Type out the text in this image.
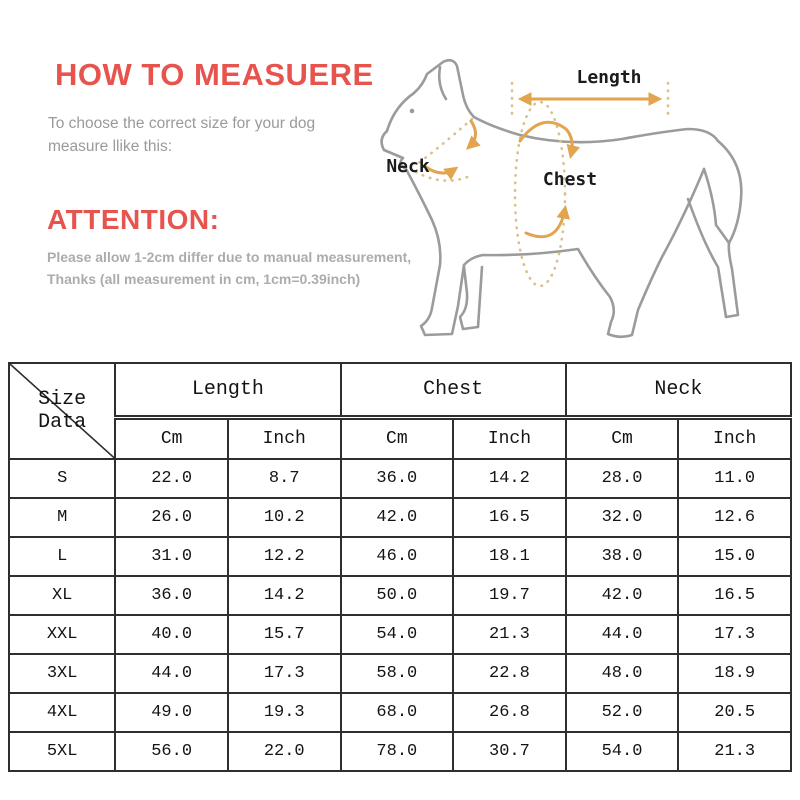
HOW TO MEASUERE
To choose the correct size for your dog
measure llike this:
ATTENTION:
Please allow 1-2cm differ due to manual measurement,
Thanks (all measurement in cm, 1cm=0.39inch)
Length
Neck
Chest
Size Data	Length		Chest		Neck	
	Cm	Inch	Cm	Inch	Cm	Inch
S	22.0	8.7	36.0	14.2	28.0	11.0
M	26.0	10.2	42.0	16.5	32.0	12.6
L	31.0	12.2	46.0	18.1	38.0	15.0
XL	36.0	14.2	50.0	19.7	42.0	16.5
XXL	40.0	15.7	54.0	21.3	44.0	17.3
3XL	44.0	17.3	58.0	22.8	48.0	18.9
4XL	49.0	19.3	68.0	26.8	52.0	20.5
5XL	56.0	22.0	78.0	30.7	54.0	21.3
